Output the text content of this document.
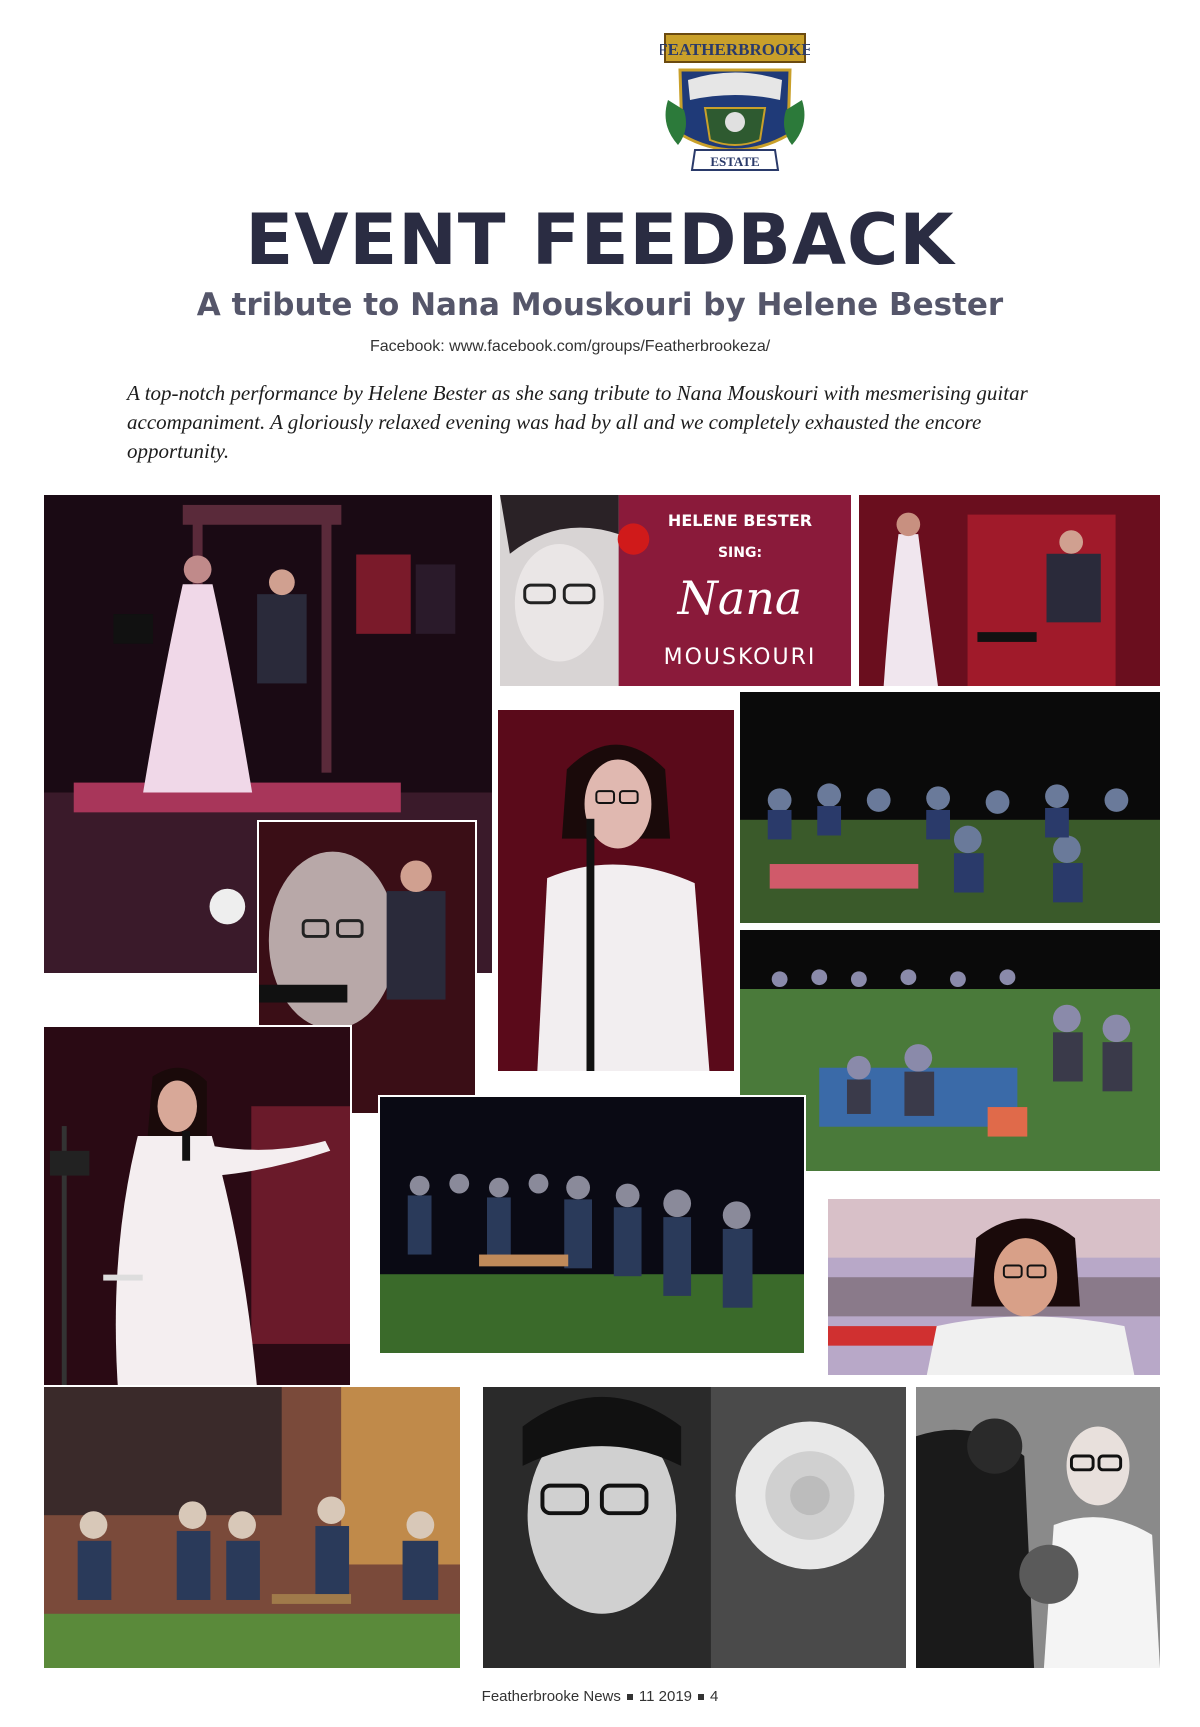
FEATHERBROOKE
ESTATE
EVENT FEEDBACK
A tribute to Nana Mouskouri by Helene Bester
Facebook: www.facebook.com/groups/Featherbrookeza/

A top-notch performance by Helene Bester as she sang tribute to Nana Mouskouri with mesmerising guitar accompaniment. A gloriously relaxed evening was had by all and we completely exhausted the encore opportunity.

HELENE BESTER
SING:
Nana
MOUSKOURI
Featherbrooke News 11 2019 4
